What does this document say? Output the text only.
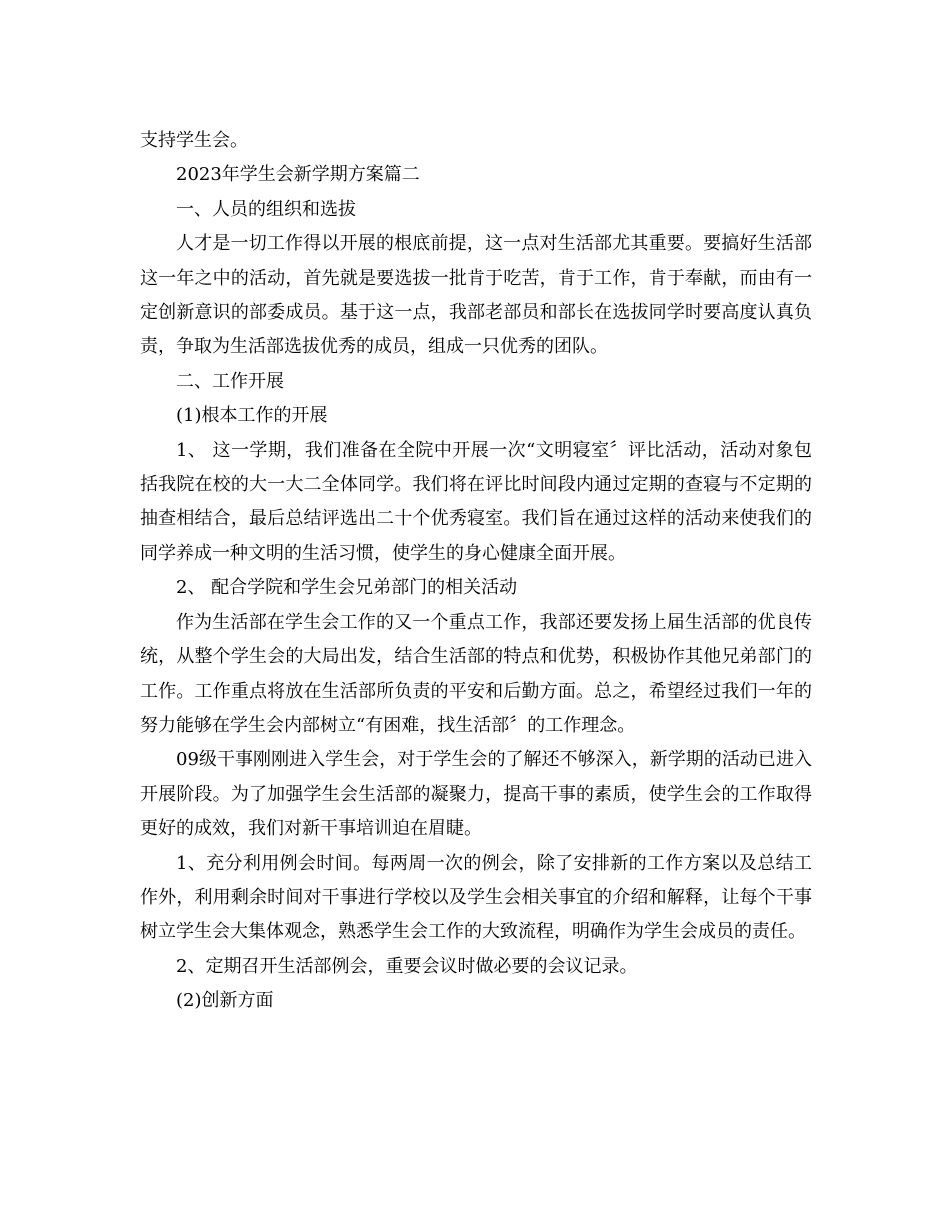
支持学生会。

2023年学生会新学期方案篇二

一、人员的组织和选拔

人才是一切工作得以开展的根底前提，这一点对生活部尤其重要。要搞好生活部这一年之中的活动，首先就是要选拔一批肯于吃苦，肯于工作，肯于奉献，而由有一定创新意识的部委成员。基于这一点，我部老部员和部长在选拔同学时要高度认真负责，争取为生活部选拔优秀的成员，组成一只优秀的团队。

二、工作开展

(1)根本工作的开展

1、 这一学期，我们准备在全院中开展一次“文明寝室〞评比活动，活动对象包括我院在校的大一大二全体同学。我们将在评比时间段内通过定期的查寝与不定期的抽查相结合，最后总结评选出二十个优秀寝室。我们旨在通过这样的活动来使我们的同学养成一种文明的生活习惯，使学生的身心健康全面开展。

2、 配合学院和学生会兄弟部门的相关活动

作为生活部在学生会工作的又一个重点工作，我部还要发扬上届生活部的优良传统，从整个学生会的大局出发，结合生活部的特点和优势，积极协作其他兄弟部门的工作。工作重点将放在生活部所负责的平安和后勤方面。总之，希望经过我们一年的努力能够在学生会内部树立“有困难，找生活部〞的工作理念。

09级干事刚刚进入学生会，对于学生会的了解还不够深入，新学期的活动已进入开展阶段。为了加强学生会生活部的凝聚力，提高干事的素质，使学生会的工作取得更好的成效，我们对新干事培训迫在眉睫。

1、充分利用例会时间。每两周一次的例会，除了安排新的工作方案以及总结工作外，利用剩余时间对干事进行学校以及学生会相关事宜的介绍和解释，让每个干事树立学生会大集体观念，熟悉学生会工作的大致流程，明确作为学生会成员的责任。

2、定期召开生活部例会，重要会议时做必要的会议记录。

(2)创新方面
